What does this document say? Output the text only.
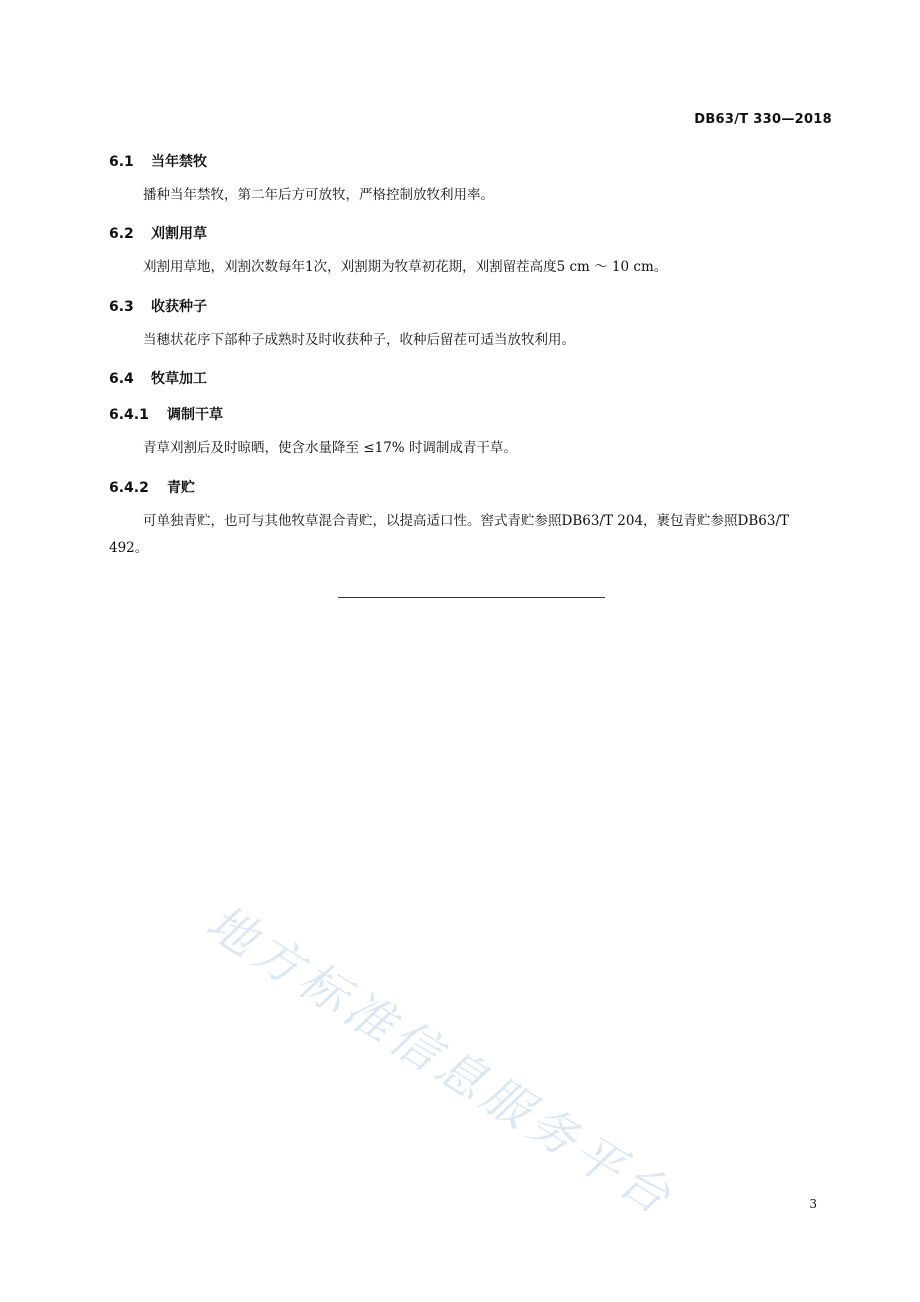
DB63/T 330—2018
6.1 当年禁牧
播种当年禁牧，第二年后方可放牧，严格控制放牧利用率。
6.2 刈割用草
刈割用草地，刈割次数每年1次，刈割期为牧草初花期，刈割留茬高度5 cm ～ 10 cm。
6.3 收获种子
当穗状花序下部种子成熟时及时收获种子，收种后留茬可适当放牧利用。
6.4 牧草加工
6.4.1 调制干草
青草刈割后及时晾晒，使含水量降至 ≤17% 时调制成青干草。
6.4.2 青贮
可单独青贮，也可与其他牧草混合青贮，以提高适口性。窖式青贮参照DB63/T 204，裹包青贮参照DB63/T 492。
地方标准信息服务平台	3
